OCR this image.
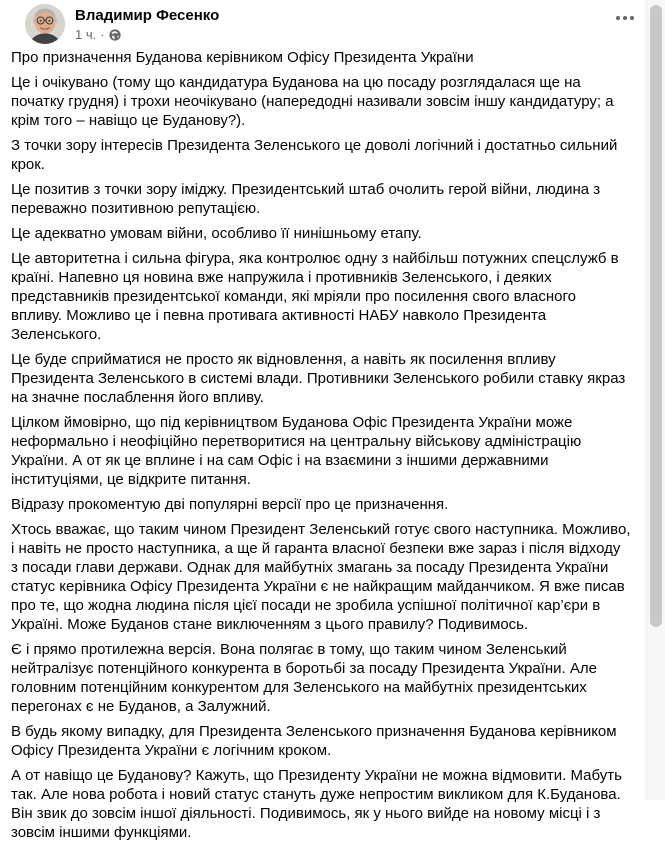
Владимир Фесенко
1 ч. ·

Про призначення Буданова керівником Офісу Президента України

Це і очікувано (тому що кандидатура Буданова на цю посаду розглядалася ще на початку грудня) і трохи неочікувано (напередодні називали зовсім іншу кандидатуру; а крім того – навіщо це Буданову?).

З точки зору інтересів Президента Зеленського це доволі логічний і достатньо сильний крок.

Це позитив з точки зору іміджу. Президентський штаб очолить герой війни, людина з переважно позитивною репутацією.

Це адекватно умовам війни, особливо її нинішньому етапу.

Це авторитетна і сильна фігура, яка контролює одну з найбільш потужних спецслужб в країні. Напевно ця новина вже напружила і противників Зеленського, і деяких представників президентської команди, які мріяли про посилення свого власного впливу. Можливо це і певна противага активності НАБУ навколо Президента Зеленського.

Це буде сприйматися не просто як відновлення, а навіть як посилення впливу Президента Зеленського в системі влади. Противники Зеленського робили ставку якраз на значне послаблення його впливу.

Цілком ймовірно, що під керівництвом Буданова Офіс Президента України може неформально і неофіційно перетворитися на центральну військову адміністрацію України. А от як це вплине і на сам Офіс і на взаємини з іншими державними інституціями, це відкрите питання.

Відразу прокоментую дві популярні версії про це призначення.

Хтось вважає, що таким чином Президент Зеленський готує свого наступника. Можливо, і навіть не просто наступника, а ще й гаранта власної безпеки вже зараз і після відходу з посади глави держави. Однак для майбутніх змагань за посаду Президента України статус керівника Офісу Президента України є не найкращим майданчиком. Я вже писав про те, що жодна людина після цієї посади не зробила успішної політичної кар’єри в Україні. Може Буданов стане виключенням з цього правилу? Подивимось.

Є і прямо протилежна версія. Вона полягає в тому, що таким чином Зеленський нейтралізує потенційного конкурента в боротьбі за посаду Президента України. Але головним потенційним конкурентом для Зеленського на майбутніх президентських перегонах є не Буданов, а Залужний.

В будь якому випадку, для Президента Зеленського призначення Буданова керівником Офісу Президента України є логічним кроком.

А от навіщо це Буданову? Кажуть, що Президенту України не можна відмовити. Мабуть так. Але нова робота і новий статус стануть дуже непростим викликом для К.Буданова. Він звик до зовсім іншої діяльності. Подивимось, як у нього вийде на новому місці і з зовсім іншими функціями.
